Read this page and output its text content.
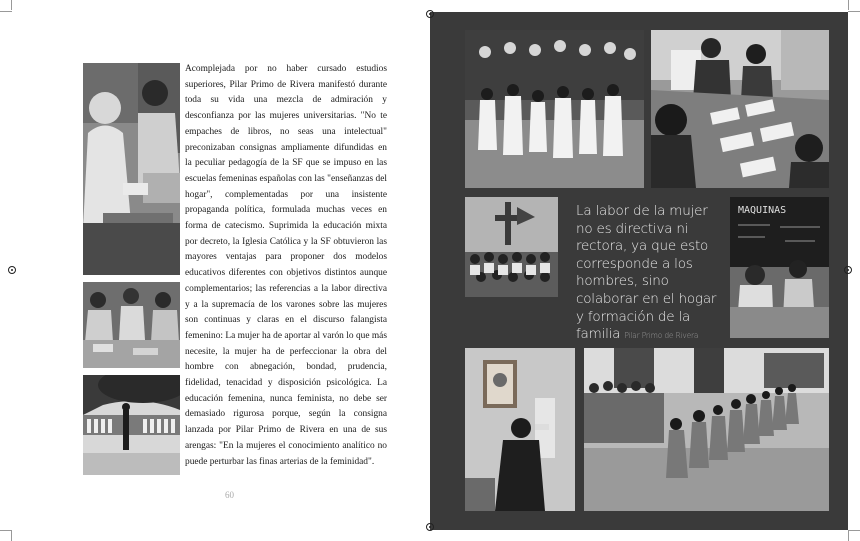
Acomplejada por no haber cursado estudios superiores, Pilar Primo de Rivera manifestó durante toda su vida una mezcla de admiración y desconfianza por las mujeres universitarias. "No te empaches de libros, no seas una intelectual" preconizaban consignas ampliamente difundidas en la peculiar pedagogía de la SF que se impuso en las escuelas femeninas españolas con las "enseñanzas del hogar", complementadas por una insistente propaganda política, formulada muchas veces en forma de catecismo. Suprimida la educación mixta por decreto, la Iglesia Católica y la SF obtuvieron las mayores ventajas para proponer dos modelos educativos diferentes con objetivos distintos aunque complementarios; las referencias a la labor directiva y a la supremacía de los varones sobre las mujeres son continuas y claras en el discurso falangista femenino: La mujer ha de aportar al varón lo que más necesite, la mujer ha de perfeccionar la obra del hombre con abnegación, bondad, prudencia, fidelidad, tenacidad y disposición psicológica. La educación femenina, nunca feminista, no debe ser demasiado rigurosa porque, según la consigna lanzada por Pilar Primo de Rivera en una de sus arengas: "En la mujeres el conocimiento analítico no puede perturbar las finas arterias de la feminidad".

60
MAQUINAS
La labor de la mujer no es directiva ni rectora, ya que esto corresponde a los hombres, sino colaborar en el hogar y formación de la familia Pilar Primo de Rivera
